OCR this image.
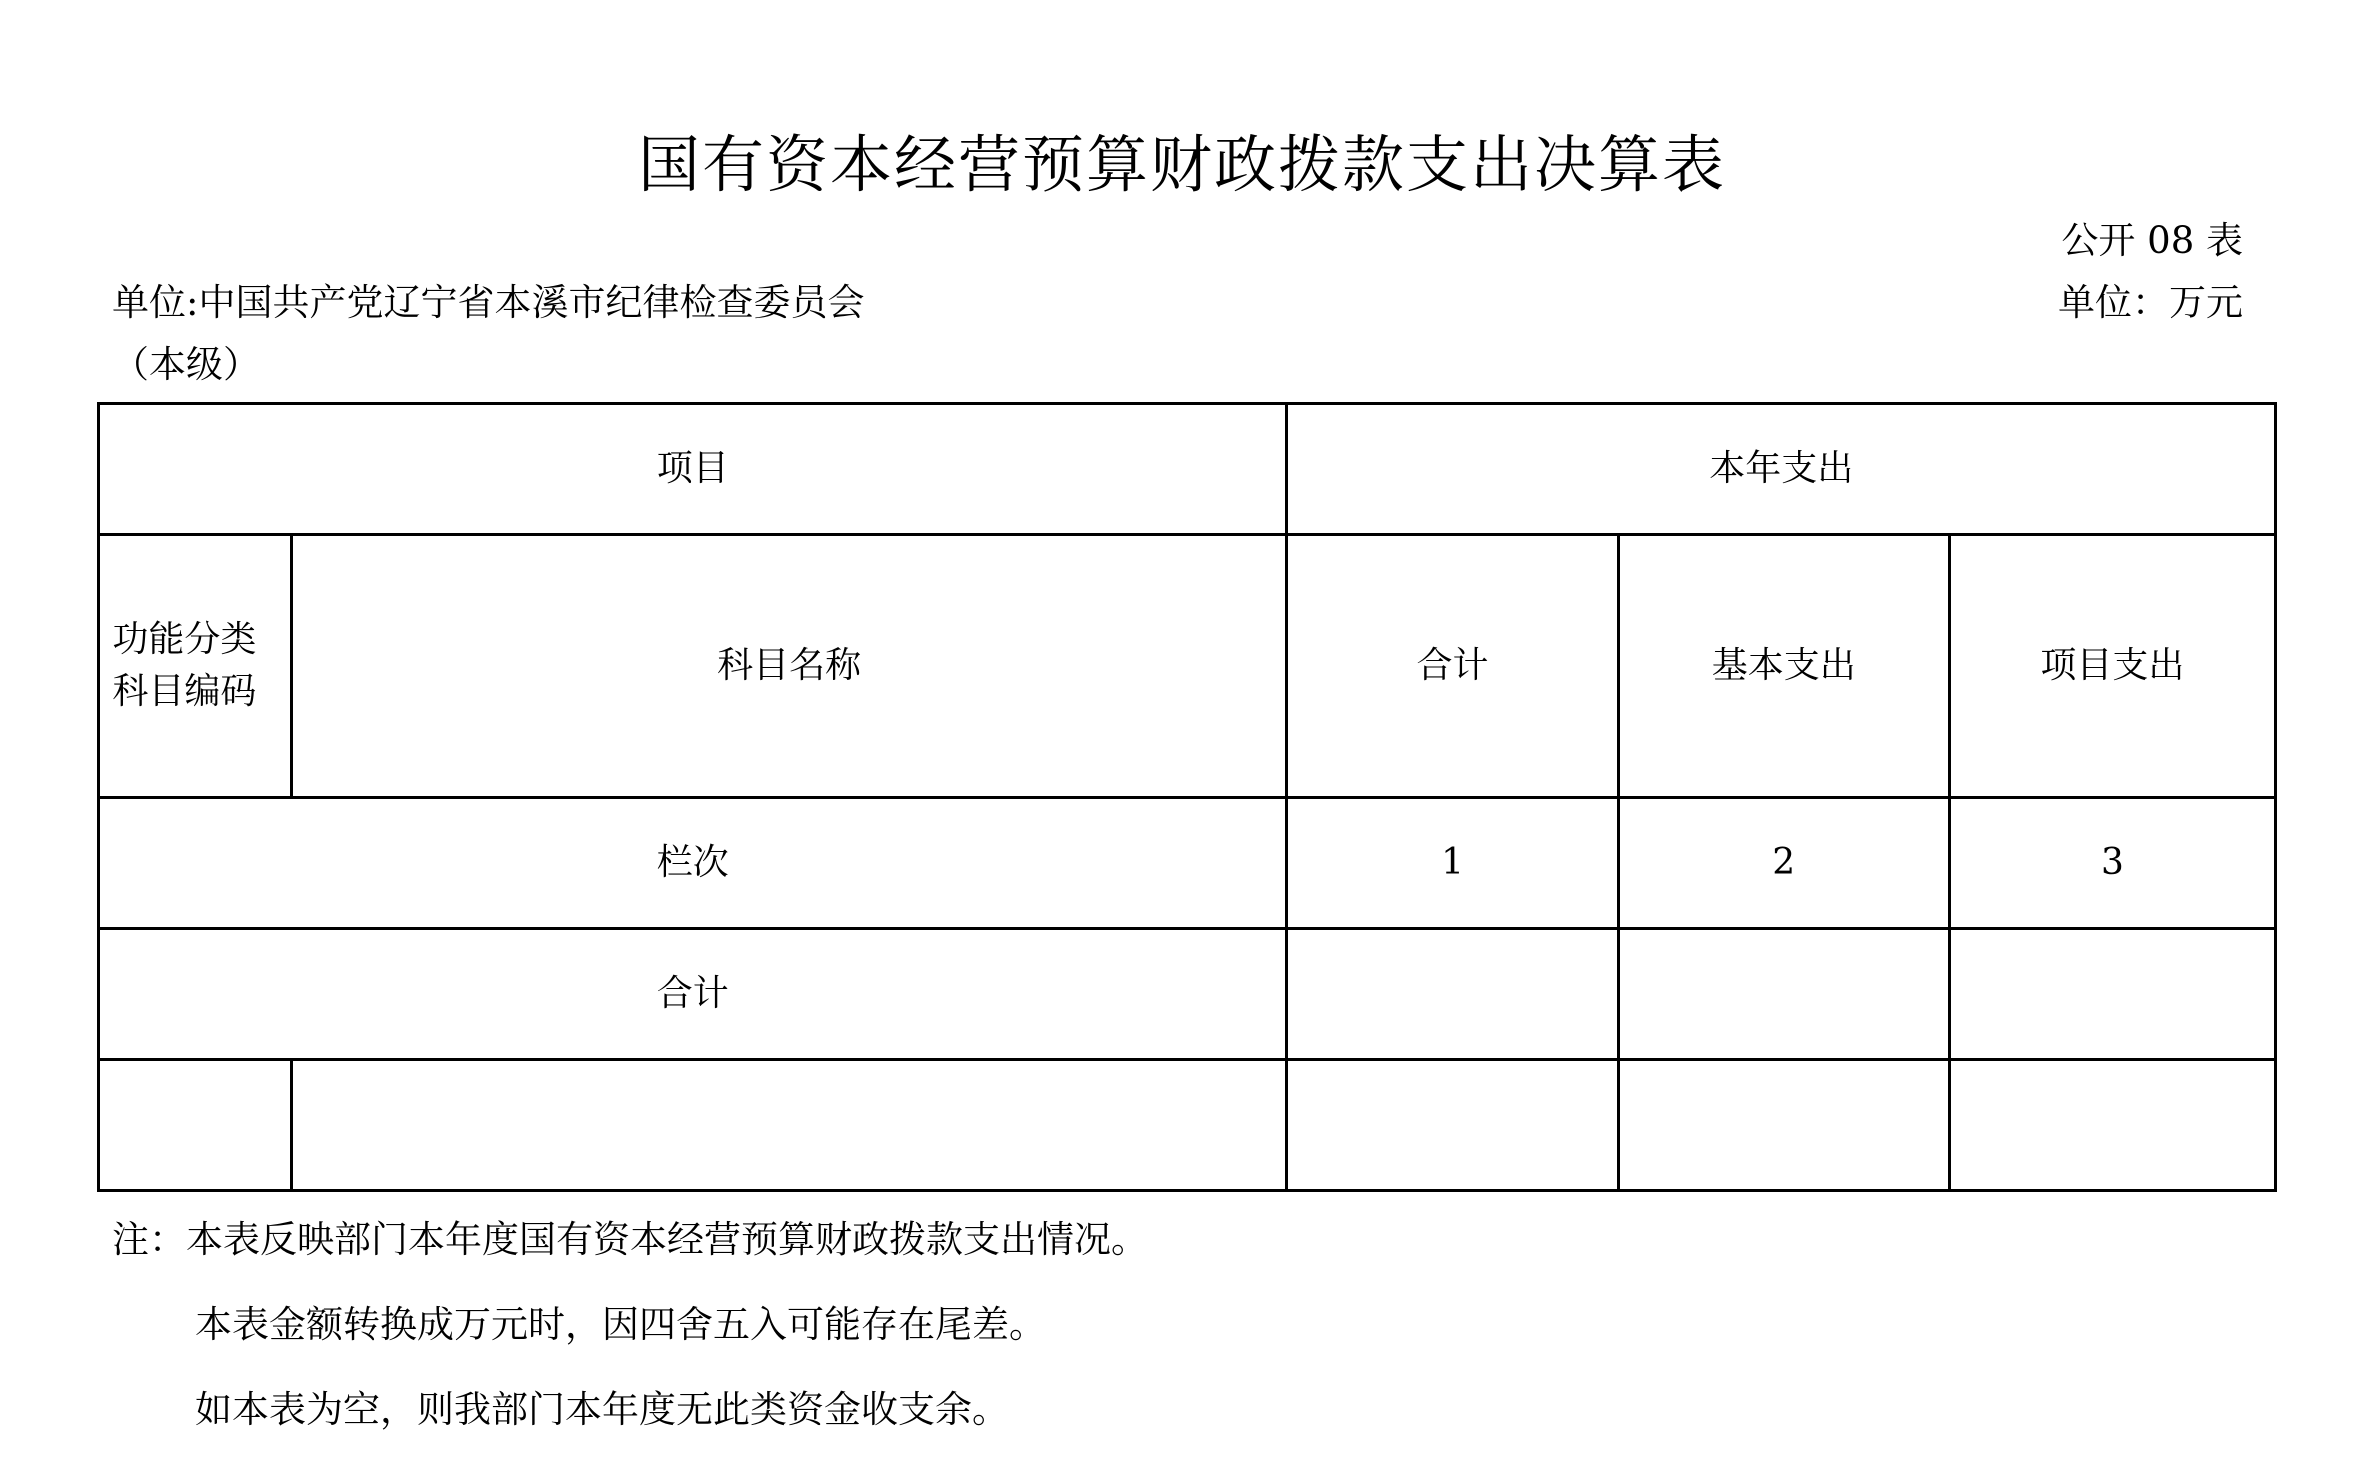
国有资本经营预算财政拨款支出决算表
公开 08 表
单位：万元
单位:中国共产党辽宁省本溪市纪律检查委员会
（本级）
项目		本年支出		
功能分类科目编码	科目名称	合计	基本支出	项目支出
栏次		1	2	3
合计				

注：本表反映部门本年度国有资本经营预算财政拨款支出情况。
本表金额转换成万元时，因四舍五入可能存在尾差。
如本表为空，则我部门本年度无此类资金收支余。
